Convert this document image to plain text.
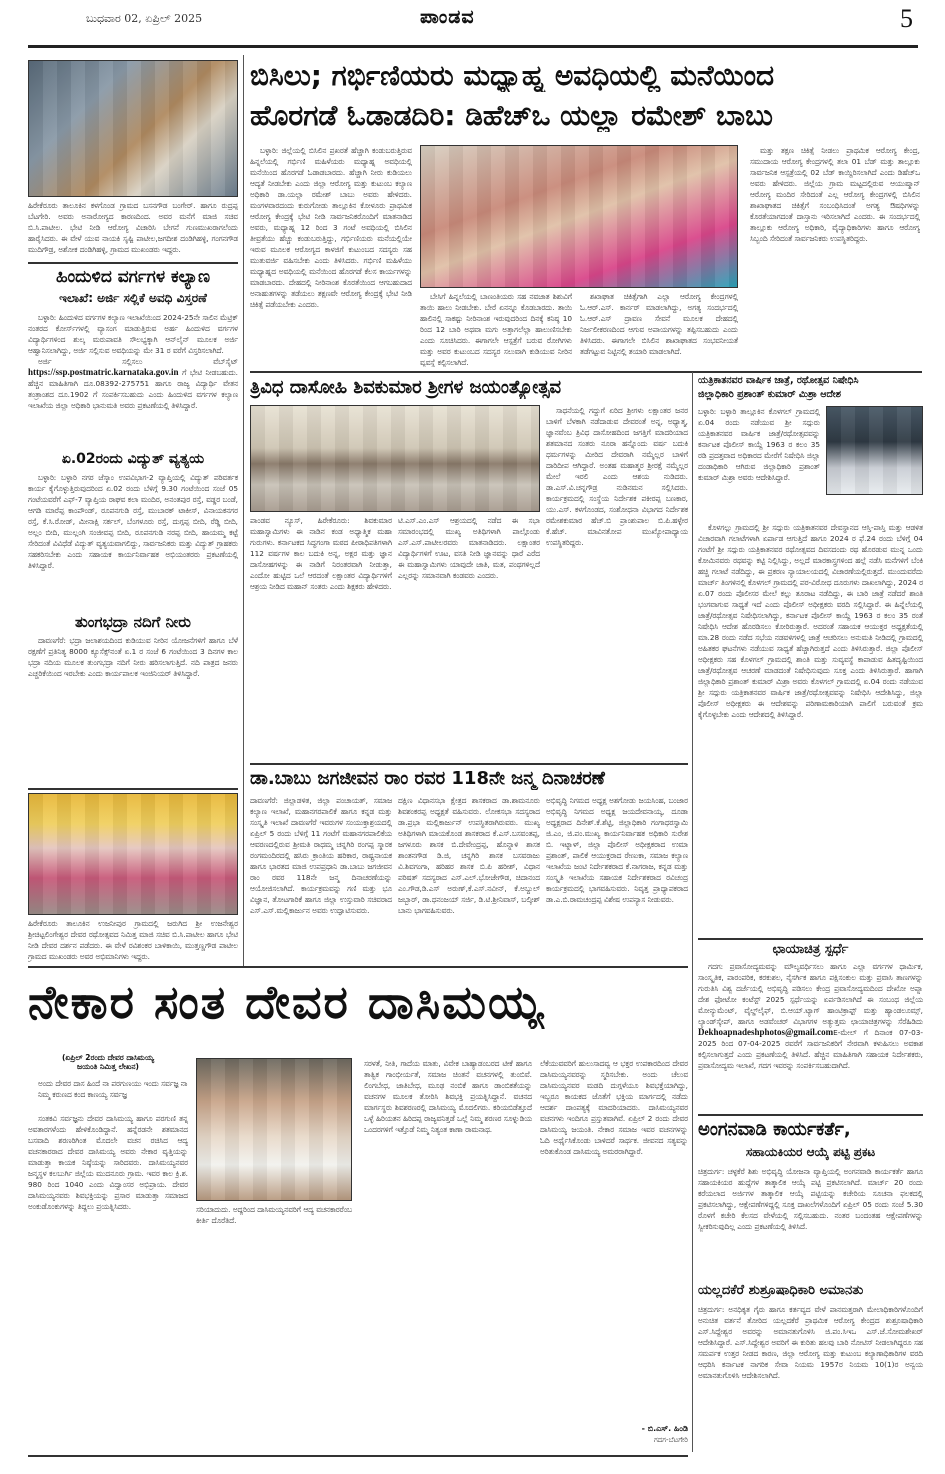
ಬುಧವಾರ 02, ಏಪ್ರಿಲ್ 2025	ಪಾಂಡವ	5
ಹಿರೇಕೆರೂರು ತಾಲೂಕಿನ ಕಳಗೊಂಡ ಗ್ರಾಮದ ಬಸನಗೌಡ ಬಂಗೇರ್. ಹಾಗೂ ರುದ್ರಪ್ಪ ಬೆಟಗೇರಿ. ಅವರು ಅನಾರೋಗ್ಯದ ಕಾರಣದಿಂದ. ಅವರ ಮನೆಗೆ ಮಾಜಿ ಸಚಿವ ಬಿ.ಸಿ.ಪಾಟೀಲ. ಭೇಟಿ ನೀಡಿ ಆರೋಗ್ಯ ವಿಚಾರಿಸಿ ಬೇಗನೆ ಗುಣಮುಖರಾಗಲೆಂದು ಹಾರೈಸಿದರು. ಈ ವೇಳೆ ಯುವ ನಾಯಕಿ ಸೃಷ್ಟಿ ಪಾಟೀಲ,ಜಗದೀಶ ದಂಡಿಗಿಹಳ್ಳಿ, ಗಂಗನಗೌಡ ಮುದಿಗೌಡ್ರ, ಅಶೋಕ ದಂಡಿಗಿಹಳ್ಳಿ, ಗ್ರಾಮದ ಮುಖಂಡರು ಇದ್ದರು.
ಹಿಂದುಳಿದ ವರ್ಗಗಳ ಕಲ್ಯಾಣ
ಇಲಾಖೆ: ಅರ್ಜಿ ಸಲ್ಲಿಕೆ ಅವಧಿ ವಿಸ್ತರಣೆ

ಬಳ್ಳಾರಿ: ಹಿಂದುಳಿದ ವರ್ಗಗಳ ಕಲ್ಯಾಣ ಇಲಾಖೆಯಿಂದ 2024-25ನೇ ಸಾಲಿನ ಮೆಟ್ರಿಕ್ ನಂತರದ ಕೋರ್ಸ್‌ಗಳಲ್ಲಿ ವ್ಯಾಸಂಗ ಮಾಡುತ್ತಿರುವ ಅರ್ಹ ಹಿಂದುಳಿದ ವರ್ಗಗಳ ವಿದ್ಯಾರ್ಥಿಗಳಿಂದ ಶುಲ್ಕ ಮರುಪಾವತಿ ಸೌಲಭ್ಯಕ್ಕಾಗಿ ಆನ್‌ಲೈನ್ ಮೂಲಕ ಅರ್ಜಿ ಆಹ್ವಾನಿಸಲಾಗಿದ್ದು, ಅರ್ಜಿ ಸಲ್ಲಿಸುವ ಅವಧಿಯನ್ನು ಮೇ 31 ರ ವರೆಗೆ ವಿಸ್ತರಿಸಲಾಗಿದೆ.

ಅರ್ಜಿ ಸಲ್ಲಿಸಲು ವೆಬ್‌ಸೈಟ್ https://ssp.postmatric.karnataka.gov.in ಗೆ ಭೇಟಿ ನೀಡಬಹುದು. ಹೆಚ್ಚಿನ ಮಾಹಿತಿಗಾಗಿ ದೂ.08392-275751 ಹಾಗೂ ರಾಜ್ಯ ವಿದ್ಯಾರ್ಥಿ ವೇತನ ತಂತ್ರಾಂಶದ ದೂ.1902 ಗೆ ಸಂಪರ್ಕಿಸಬಹುದು ಎಂದು ಹಿಂದುಳಿದ ವರ್ಗಗಳ ಕಲ್ಯಾಣ ಇಲಾಖೆಯ ಜಿಲ್ಲಾ ಅಧಿಕಾರಿ ಭಾನುಮತಿ ಅವರು ಪ್ರಕಟಣೆಯಲ್ಲಿ ತಿಳಿಸಿದ್ದಾರೆ.

ಏ.02ರಂದು ವಿದ್ಯುತ್ ವ್ಯತ್ಯಯ

ಬಳ್ಳಾರಿ: ಬಳ್ಳಾರಿ ನಗರ ಜೆಸ್ಕಾಂ ಉಪವಿಭಾಗ-2 ವ್ಯಾಪ್ತಿಯಲ್ಲಿ ವಿದ್ಯುತ್ ಪರಿವರ್ತಕ ಕಾರ್ಯ ಕೈಗೊಳ್ಳುತ್ತಿರುವುದರಿಂದ ಏ.02 ರಂದು ಬೆಳಿಗ್ಗೆ 9.30 ಗಂಟೆಯಿಂದ ಸಂಜೆ 05 ಗಂಟೆಯವರೆಗೆ ಎಫ್-7 ವ್ಯಾಪ್ತಿಯ ರಾಘವ ಕಲಾ ಮಂದಿರ, ಅನಂತಪುರ ರಸ್ತೆ, ವಡ್ಡರ ಬಂಡೆ, ಆಗಡಿ ಮಾರೆಪ್ಪ ಕಾಂಪೌಂಡ್, ರೂಪನಗುಡಿ ರಸ್ತೆ, ಮುಬಾರಕ್ ಟಾಕೀಸ್, ವಿನಾಯಕನಗರ ರಸ್ತೆ, ಕೆ.ಸಿ.ರೋಡ್, ಮೀನಾಕ್ಷಿ ಸರ್ಕಲ್, ಬೆಂಗಳೂರು ರಸ್ತೆ, ದುಗ್ಗಪ್ಪ ಬೀದಿ, ರೆಡ್ಡಿ ಬೀದಿ, ಅಲ್ಲಂ ಬೀದಿ, ಮುಲ್ಲಂಗಿ ಸಂಜೀವಪ್ಪ ಬೀದಿ, ರೂಪನಗುಡಿ ನರಪ್ಪ ಬೀದಿ, ಹಾಯಮ್ಮ ಕಟ್ಟೆ ಸೇರಿದಂತೆ ವಿವಿಧೆಡೆ ವಿದ್ಯುತ್ ವ್ಯತ್ಯಯವಾಗಲಿದ್ದು, ಸಾರ್ವಜನಿಕರು ಮತ್ತು ವಿದ್ಯುತ್ ಗ್ರಾಹಕರು ಸಹಕರಿಸಬೇಕು ಎಂದು ಸಹಾಯಕ ಕಾರ್ಯನಿರ್ವಾಹಕ ಅಭಿಯಂತರರು ಪ್ರಕಟಣೆಯಲ್ಲಿ ತಿಳಿಸಿದ್ದಾರೆ.

ತುಂಗಭದ್ರಾ ನದಿಗೆ ನೀರು

ದಾವಣಗೆರೆ: ಭದ್ರಾ ಜಲಾಶಯದಿಂದ ಕುಡಿಯುವ ನೀರಿನ ಯೋಜನೆಗಳಿಗೆ ಹಾಗೂ ಬೆಳೆ ರಕ್ಷಣೆಗೆ ಪ್ರತಿನಿತ್ಯ 8000 ಕ್ಯೂಸೆಕ್ಸ್‌ನಂತೆ ಏ.1 ರ ಸಂಜೆ 6 ಗಂಟೆಯಿಂದ 3 ದಿನಗಳ ಕಾಲ ಭದ್ರಾ ನದಿಯ ಮೂಲಕ ತುಂಗಭದ್ರಾ ನದಿಗೆ ನೀರು ಹರಿಸಲಾಗುತ್ತಿದೆ. ನದಿ ಪಾತ್ರದ ಜನರು ಎಚ್ಚರಿಕೆಯಿಂದ ಇರಬೇಕು ಎಂದು ಕಾರ್ಯಪಾಲಕ ಇಂಜಿನಿಯರ್ ತಿಳಿಸಿದ್ದಾರೆ.

ಹಿರೇಕೆರೂರು ತಾಲೂಕಿನ ಉಜನೀಪುರ ಗ್ರಾಮದಲ್ಲಿ ಜರುಗಿದ ಶ್ರೀ ಉಜನೇಶ್ವರ ಶ್ರೀಚಿಟ್ಟಲಿಂಗೇಶ್ವರ ದೇವರ ರಥೋತ್ಸವದ ನಿಮಿತ್ತ ಮಾಜಿ ಸಚಿವ ಬಿ.ಸಿ.ಪಾಟೀಲ ಹಾಗೂ ಭೇಟಿ ನೀಡಿ ದೇವರ ದರ್ಶನ ಪಡೆದರು. ಈ ವೇಳೆ ರವಿಶಂಕರ ಬಾಳಿಕಾಯಿ, ಮುತ್ತಣ್ಣಗೌಡ ಪಾಟೀಲ ಗ್ರಾಮದ ಮುಖಂಡರು ಅವರ ಅಭಿಮಾನಿಗಳು ಇದ್ದರು.
ಬಿಸಿಲು; ಗರ್ಭಿಣಿಯರು ಮಧ್ಯಾಹ್ನ ಅವಧಿಯಲ್ಲಿ ಮನೆಯಿಂದ
ಹೊರಗಡೆ ಓಡಾಡದಿರಿ: ಡಿಹೆಚ್‌ಒ ಯಲ್ಲಾ ರಮೇಶ್ ಬಾಬು

ಬಳ್ಳಾರಿ: ಜಿಲ್ಲೆಯಲ್ಲಿ ಬಿಸಿಲಿನ ಪ್ರಖರತೆ ಹೆಚ್ಚಾಗಿ ಕಂಡುಬರುತ್ತಿರುವ ಹಿನ್ನಲೆಯಲ್ಲಿ ಗರ್ಭಿಣಿ ಮಹಿಳೆಯರು ಮಧ್ಯಾಹ್ನ ಅವಧಿಯಲ್ಲಿ ಮನೆಯಿಂದ ಹೊರಗಡೆ ಓಡಾಡಬಾರದು. ಹೆಚ್ಚಾಗಿ ನೀರು ಕುಡಿಯಲು ಆದ್ಯತೆ ನೀಡಬೇಕು ಎಂದು ಜಿಲ್ಲಾ ಆರೋಗ್ಯ ಮತ್ತು ಕುಟುಂಬ ಕಲ್ಯಾಣ ಅಧಿಕಾರಿ ಡಾ.ಯಲ್ಲಾ ರಮೇಶ್ ಬಾಬು ಅವರು ಹೇಳಿದರು. ಮಂಗಳವಾರದಂದು ಕುರುಗೋಡು ತಾಲ್ಲೂಕಿನ ಕೋಳೂರು ಪ್ರಾಥಮಿಕ ಆರೋಗ್ಯ ಕೇಂದ್ರಕ್ಕೆ ಭೇಟಿ ನೀಡಿ ಸಾರ್ವಜನಿಕರೊಂದಿಗೆ ಮಾತನಾಡಿದ ಅವರು, ಮಧ್ಯಾಹ್ನ 12 ರಿಂದ 3 ಗಂಟೆ ಅವಧಿಯಲ್ಲಿ ಬಿಸಿಲಿನ ತೀವ್ರತೆಯು ಹೆಚ್ಚು ಕಂಡುಬರುತ್ತಿದ್ದು, ಗರ್ಭಿಣಿಯರು ಮನೆಯಲ್ಲಿಯೇ ಇರುವ ಮೂಲಕ ಆರೋಗ್ಯದ ಕಾಳಜಿಗೆ ಕುಟುಂಬದ ಸದಸ್ಯರು ಸಹ ಮುತುವರ್ಜಿ ವಹಿಸಬೇಕು ಎಂದು ತಿಳಿಸಿದರು. ಗರ್ಭಿಣಿ ಮಹಿಳೆಯು ಮಧ್ಯಾಹ್ನದ ಅವಧಿಯಲ್ಲಿ ಮನೆಯಿಂದ ಹೊರಗಡೆ ಕೆಲಸ ಕಾರ್ಯಗಳನ್ನು ಮಾಡಬಾರದು. ದೇಹದಲ್ಲಿ ನೀರಿನಾಂಶ ಕೊರತೆಯಿಂದ ಆಗಬಹುದಾದ ಅನಾಹುತಗಳನ್ನು ತಡೆಯಲು ತಕ್ಷಣವೇ ಆರೋಗ್ಯ ಕೇಂದ್ರಕ್ಕೆ ಭೇಟಿ ನೀಡಿ ಚಿಕಿತ್ಸೆ ಪಡೆಯಬೇಕು ಎಂದರು.

ಬೇಸಿಗೆ ಹಿನ್ನಲೆಯಲ್ಲಿ ಬಾಣಂತಿಯರು ಸಹ ನವಜಾತ ಶಿಶುವಿಗೆ ತಾಯಿ ಹಾಲು ನೀಡಬೇಕು. ಬೇರೆ ಏನನ್ನೂ ಕೊಡಬಾರದು. ತಾಯಿ ಹಾಲಿನಲ್ಲಿ ಸಾಕಷ್ಟು ನೀರಿನಾಂಶ ಇರುವುದರಿಂದ ದಿನಕ್ಕೆ ಕನಿಷ್ಠ 10 ರಿಂದ 12 ಬಾರಿ ಅಥವಾ ಮಗು ಅತ್ತಾಗಲೆಲ್ಲಾ ಹಾಲುಣಿಸಬೇಕು ಎಂದು ಸೂಚಿಸಿದರು. ಈಗಾಗಲೇ ಆಸ್ಪತ್ರೆಗೆ ಬರುವ ರೋಗಿಗಳು ಮತ್ತು ಅವರ ಕುಟುಂಬದ ಸದಸ್ಯರ ಸಲುವಾಗಿ ಕುಡಿಯುವ ನೀರಿನ ವ್ಯವಸ್ಥೆ ಕಲ್ಪಿಸಲಾಗಿದೆ.

ಶಖಾಘಾತ ಚಿಕಿತ್ಸೆಗಾಗಿ ಎಲ್ಲಾ ಆರೋಗ್ಯ ಕೇಂದ್ರಗಳಲ್ಲಿ ಓ.ಆರ್.ಎಸ್. ಕಾರ್ನರ್ ಮಾಡಲಾಗಿದ್ದು, ಅಗತ್ಯ ಸಂದರ್ಭದಲ್ಲಿ ಓ.ಆರ್.ಎಸ್ ದ್ರಾವಣ ಸೇವನೆ ಮೂಲಕ ದೇಹದಲ್ಲಿ ನಿರ್ಜಲೀಕರಣದಿಂದ ಆಗುವ ಅಪಾಯಗಳನ್ನು ತಪ್ಪಿಸಬಹುದು ಎಂದು ತಿಳಿಸಿದರು. ಈಗಾಗಲೇ ಬಿಸಿಲಿನ ಶಾಖಾಘಾತದ ಸಂಭವನೀಯತೆ ತಡೆಗಟ್ಟುವ ನಿಟ್ಟಿನಲ್ಲಿ ತಯಾರಿ ಮಾಡಲಾಗಿದೆ.

ಮತ್ತು ತಕ್ಷಣ ಚಿಕಿತ್ಸೆ ನೀಡಲು ಪ್ರಾಥಮಿಕ ಆರೋಗ್ಯ ಕೇಂದ್ರ, ಸಮುದಾಯ ಆರೋಗ್ಯ ಕೇಂದ್ರಗಳಲ್ಲಿ ತಲಾ 01 ಬೆಡ್ ಮತ್ತು ತಾಲ್ಲೂಕು ಸಾರ್ವಜನಿಕ ಆಸ್ಪತ್ರೆಯಲ್ಲಿ 02 ಬೆಡ್ ಕಾಯ್ದಿರಿಸಲಾಗಿದೆ ಎಂದು ಡಿಹೆಚ್‌ಒ ಅವರು ಹೇಳಿದರು. ಜಿಲ್ಲೆಯ ಗ್ರಾಮ ಮಟ್ಟದಲ್ಲಿರುವ ಆಯುಷ್ಮಾನ್ ಆರೋಗ್ಯ ಮಂದಿರ ಸೇರಿದಂತೆ ಎಲ್ಲ ಆರೋಗ್ಯ ಕೇಂದ್ರಗಳಲ್ಲಿ ಬಿಸಿಲಿನ ಶಾಖಾಘಾತದ ಚಿಕಿತ್ಸೆಗೆ ಸಂಬಂಧಿಸಿದಂತೆ ಅಗತ್ಯ ಔಷಧಿಗಳನ್ನು ಕೊರತೆಯಾಗದಂತೆ ದಾಸ್ತಾನು ಇರಿಸಲಾಗಿದೆ ಎಂದರು. ಈ ಸಂದರ್ಭದಲ್ಲಿ ತಾಲ್ಲೂಕು ಆರೋಗ್ಯ ಅಧಿಕಾರಿ, ವೈದ್ಯಾಧಿಕಾರಿಗಳು ಹಾಗೂ ಆರೋಗ್ಯ ಸಿಬ್ಬಂದಿ ಸೇರಿದಂತೆ ಸಾರ್ವಜನಿಕರು ಉಪಸ್ಥಿತರಿದ್ದರು.

ತ್ರಿವಿಧ ದಾಸೋಹಿ ಶಿವಕುಮಾರ ಶ್ರೀಗಳ ಜಯಂತ್ಯೋತ್ಸವ

ಪಾಂಡವ ನ್ಯೂಸ್, ಹಿರೇಕೆರೂರು: ಶಿವಕುಮಾರ ಮಹಾಸ್ವಾಮಿಗಳು ಈ ನಾಡಿನ ಕಂಡ ಅಧ್ಯಾತ್ಮಿಕ ಮಹಾ ಗುರುಗಳು. ಕರ್ನಾಟಕದ ಸಿದ್ಧಗಂಗಾ ಮಠದ ಪೀಠಾಧಿಪತಿಗಳಾಗಿ 112 ವರ್ಷಗಳ ಕಾಲ ಬದುಕಿ ಅನ್ನ, ಅಕ್ಷರ ಮತ್ತು ಜ್ಞಾನ ದಾಸೋಹಗಳನ್ನು ಈ ನಾಡಿಗೆ ನಿರಂತರವಾಗಿ ನೀಡುತ್ತಾ, ಎಂದೋ ಹುಟ್ಟಿದ ಒಲೆ ಆರದಂತೆ ಲಕ್ಷಾಂತರ ವಿದ್ಯಾರ್ಥಿಗಳಿಗೆ ಆಶ್ರಯ ನೀಡಿದ ಮಹಾನ್ ಸಂತರು ಎಂದು ಶಿಕ್ಷಕರು ಹೇಳಿದರು.

ಟಿ.ಎಸ್.ಎಂ.ಎಸ್ ಆಶ್ರಯದಲ್ಲಿ ನಡೆದ ಈ ಸಭಾ ಸಮಾರಂಭದಲ್ಲಿ ಮುಖ್ಯ ಅತಿಥಿಗಳಾಗಿ ಪಾಲ್ಗೊಂಡು ಎಸ್.ಎಸ್.ಪಾಟೀಲರವರು ಮಾತನಾಡಿದರು. ಲಕ್ಷಾಂತರ ವಿದ್ಯಾರ್ಥಿಗಳಿಗೆ ಊಟ, ವಸತಿ ನೀಡಿ ಜ್ಞಾನವನ್ನು ಧಾರೆ ಎರೆದ ಈ ಮಹಾಸ್ವಾಮಿಗಳು ಯಾವುದೇ ಜಾತಿ, ಮತ, ಪಂಥಗಳಿಲ್ಲದೆ ಎಲ್ಲರನ್ನು ಸಮಾನವಾಗಿ ಕಂಡವರು ಎಂದರು.

ಸಾಧನೆಯಲ್ಲಿ ಗದ್ದುಗೆ ಏರಿದ ಶ್ರೀಗಳು ಲಕ್ಷಾಂತರ ಜನರ ಬಾಳಿಗೆ ಬೆಳಕಾಗಿ ನಡೆದಾಡುವ ದೇವರಂತೆ ಅನ್ನ, ಅಧ್ಯಾತ್ಮ, ಜ್ಞಾನವೆಂಬ ತ್ರಿವಿಧ ದಾಸೋಹದಿಂದ ಜಗತ್ತಿಗೆ ಮಾದರಿಯಾದ ಶತಮಾನದ ಸಂತರು ನೂರಾ ಹನ್ನೊಂದು ವರ್ಷ ಬದುಕಿ ಧರ್ಮಗಳನ್ನು ಮೀರಿದ ದೇವರಾಗಿ ನಮ್ಮೆಲ್ಲರ ಬಾಳಿಗೆ ದಾರಿದೀಪ ಆಗಿದ್ದಾರೆ. ಅಂತಹ ಮಹಾತ್ಮರ ಶ್ರೀರಕ್ಷೆ ನಮ್ಮೆಲ್ಲರ ಮೇಲೆ ಇರಲಿ ಎಂದು ಆಶಯ ನುಡಿದರು. ಡಾ.ಎಸ್.ವಿ.ಚನ್ನಗೌಡ್ರ ನುಡಿನಮನ ಸಲ್ಲಿಸಿದರು. ಕಾರ್ಯಕ್ರಮದಲ್ಲಿ ಸಂಸ್ಥೆಯ ನಿರ್ದೇಶಕ ಪಕೀರಪ್ಪ ಬಣಕಾರ, ಯು.ಎಸ್. ಕಳಗೊಂಡದ, ಸಂಶೋಧನಾ ವಿಭಾಗದ ನಿರ್ದೇಶಕ ರಮೇಶಕುಮಾರ ಹೆಚ್.ಬಿ ಪ್ರಾಂಶುಪಾಲ ಬಿ.ಪಿ.ಹಳ್ಳೇರ ಕೆ.ಹೆಚ್. ಮಾವಿನತೋಪ ಮುಖ್ಯೋಪಾಧ್ಯಾಯ ಉಪಸ್ಥಿತರಿದ್ದರು.

ಡಾ.ಬಾಬು ಜಗಜೀವನ ರಾಂ ರವರ 118ನೇ ಜನ್ಮ ದಿನಾಚರಣೆ

ದಾವಣಗೆರೆ: ಜಿಲ್ಲಾಡಳಿತ, ಜಿಲ್ಲಾ ಪಂಚಾಯತ್, ಸಮಾಜ ಕಲ್ಯಾಣ ಇಲಾಖೆ, ಮಹಾನಗರಪಾಲಿಕೆ ಹಾಗೂ ಕನ್ನಡ ಮತ್ತು ಸಂಸ್ಕೃತಿ ಇಲಾಖೆ ದಾವಣಗೆರೆ ಇವರುಗಳ ಸಂಯುಕ್ತಾಶ್ರಯದಲ್ಲಿ ಏಪ್ರಿಲ್ 5 ರಂದು ಬೆಳಿಗ್ಗೆ 11 ಗಂಟೆಗೆ ಮಹಾನಗರಪಾಲಿಕೆಯ ಆವರಣದಲ್ಲಿರುವ ಶ್ರೀಮತಿ ರಾಧಮ್ಮ ಚನ್ನಗಿರಿ ರಂಗಪ್ಪ ಸ್ಮಾರಕ ರಂಗಮಂದಿರದಲ್ಲಿ ಹಸಿರು ಕ್ರಾಂತಿಯ ಹರಿಕಾರ, ರಾಷ್ಟ್ರನಾಯಕ ಹಾಗೂ ಭಾರತದ ಮಾಜಿ ಉಪಪ್ರಧಾನಿ ಡಾ.ಬಾಬು ಜಗಜೀವನ ರಾಂ ರವರ 118ನೇ ಜನ್ಮ ದಿನಾಚರಣೆಯನ್ನು ಆಯೋಜಿಸಲಾಗಿದೆ. ಕಾರ್ಯಕ್ರಮವನ್ನು ಗಣಿ ಮತ್ತು ಭೂ ವಿಜ್ಞಾನ, ತೋಟಗಾರಿಕೆ ಹಾಗೂ ಜಿಲ್ಲಾ ಉಸ್ತುವಾರಿ ಸಚಿವರಾದ ಎಸ್.ಎಸ್.ಮಲ್ಲಿಕಾರ್ಜುನ ಅವರು ಉದ್ಘಾಟಿಸುವರು.

ದಕ್ಷಿಣ ವಿಧಾನಸಭಾ ಕ್ಷೇತ್ರದ ಶಾಸಕರಾದ ಡಾ.ಶಾಮನೂರು ಶಿವಶಂಕರಪ್ಪ ಅಧ್ಯಕ್ಷತೆ ವಹಿಸುವರು. ಲೋಕಸಭಾ ಸದಸ್ಯರಾದ ಡಾ.ಪ್ರಭಾ ಮಲ್ಲಿಕಾರ್ಜುನ್ ಉಪಸ್ಥಿತರಾಗಿರುವರು. ಮುಖ್ಯ ಅತಿಥಿಗಳಾಗಿ ಮಾಯಕೊಂಡ ಶಾಸಕರಾದ ಕೆ.ಎಸ್.ಬಸವಂತಪ್ಪ, ಜಗಳೂರು ಶಾಸಕ ಬಿ.ದೇವೇಂದ್ರಪ್ಪ, ಹೊನ್ನಾಳಿ ಶಾಸಕ ಶಾಂತನಗೌಡ ಡಿ.ಜಿ, ಚನ್ನಗಿರಿ ಶಾಸಕ ಬಸವರಾಜು ವಿ.ಶಿವಗಂಗಾ, ಹರಿಹರ ಶಾಸಕ ಬಿ.ಪಿ ಹರೀಶ್, ವಿಧಾನ ಪರಿಷತ್ ಸದಸ್ಯರಾದ ಎಸ್.ಎಲ್.ಭೋಜೇಗೌಡ, ಚಿದಾನಂದ ಎಂ.ಗೌಡ,ಡಿ.ಎಸ್ ಅರುಣ್,ಕೆ.ಎಸ್.ನವೀನ್, ಕೆ.ಅಬ್ದುಲ್ ಜಬ್ಬಾರ್, ಡಾ.ಧನಂಜಯ್ ಸರ್ಜಿ, ಡಿ.ಟಿ.ಶ್ರೀನಿವಾಸ್, ಬಲ್ಕೀಶ್ ಬಾನು ಭಾಗವಹಿಸುವರು.

ಅಭಿವೃದ್ಧಿ ನಿಗಮದ ಅಧ್ಯಕ್ಷ ಅಶಗೋಡು ಜಯಸಿಂಹ, ಬಂಜಾರ ಅಭಿವೃದ್ಧಿ ನಿಗಮದ ಅಧ್ಯಕ್ಷ ಜಯದೇವನಾಯ್ಕ, ದೂಡಾ ಅಧ್ಯಕ್ಷರಾದ ದಿನೇಶ್.ಕೆ.ಶೆಟ್ಟಿ, ಜಿಲ್ಲಾಧಿಕಾರಿ ಗಂಗಾಧರಸ್ವಾಮಿ ಜಿ.ಎಂ, ಜಿ.ಪಂ.ಮುಖ್ಯ ಕಾರ್ಯನಿರ್ವಾಹಕ ಅಧಿಕಾರಿ ಸುರೇಶ ಬಿ. ಇಟ್ನಾಳ್, ಜಿಲ್ಲಾ ಪೊಲೀಸ್ ಅಧೀಕ್ಷಕರಾದ ಉಮಾ ಪ್ರಶಾಂತ್, ಪಾಲಿಕೆ ಆಯುಕ್ತರಾದ ರೇಣುಕಾ, ಸಮಾಜ ಕಲ್ಯಾಣ ಇಲಾಖೆಯ ಜಂಟಿ ನಿರ್ದೇಶಕರಾದ ಕೆ.ನಾಗರಾಜ, ಕನ್ನಡ ಮತ್ತು ಸಂಸ್ಕೃತಿ ಇಲಾಖೆಯ ಸಹಾಯಕ ನಿರ್ದೇಶಕರಾದ ರವಿಚಂದ್ರ ಕಾರ್ಯಕ್ರಮದಲ್ಲಿ ಭಾಗವಹಿಸುವರು. ನಿವೃತ್ತ ಪ್ರಾಧ್ಯಾಪಕರಾದ ಡಾ.ಎ.ಬಿ.ರಾಮಚಂದ್ರಪ್ಪ ವಿಶೇಷ ಉಪನ್ಯಾಸ ನೀಡುವರು.

ಯತ್ರಿಕಾತನವರ ವಾರ್ಷಿಕ ಜಾತ್ರೆ, ರಥೋತ್ಸವ ನಿಷೇಧಿಸಿ
ಜಿಲ್ಲಾಧಿಕಾರಿ ಪ್ರಶಾಂತ್ ಕುಮಾರ್ ಮಿಶ್ರಾ ಆದೇಶ

ಬಳ್ಳಾರಿ: ಬಳ್ಳಾರಿ ತಾಲ್ಲೂಕಿನ ಕೊಳಗಲ್ ಗ್ರಾಮದಲ್ಲಿ ಏ.04 ರಂದು ನಡೆಯುವ ಶ್ರೀ ಸದ್ಗುರು ಯತ್ರಿಕಾತನವರ ವಾರ್ಷಿಕ ಜಾತ್ರೆ/ರಥೋತ್ಸವವನ್ನು ಕರ್ನಾಟಕ ಪೊಲೀಸ್ ಕಾಯ್ದೆ 1963 ರ ಕಲಂ 35 ರಡಿ ಪ್ರದತ್ತವಾದ ಅಧಿಕಾರದ ಮೇರೆಗೆ ನಿಷೇಧಿಸಿ ಜಿಲ್ಲಾ ದಂಡಾಧಿಕಾರಿ ಆಗಿರುವ ಜಿಲ್ಲಾಧಿಕಾರಿ ಪ್ರಶಾಂತ್ ಕುಮಾರ್ ಮಿಶ್ರಾ ಅವರು ಆದೇಶಿಸಿದ್ದಾರೆ.

ಕೊಳಗಲ್ಲು ಗ್ರಾಮದಲ್ಲಿ ಶ್ರೀ ಸದ್ಗುರು ಯತ್ರಿಕಾತನವರ ದೇವಸ್ಥಾನದ ಆಸ್ತಿ-ಪಾಸ್ತಿ ಮತ್ತು ಆಡಳಿತ ವಿಚಾರವಾಗಿ ಗಲಾಟೆಗಳಾಗಿ ಏರ್ಪಾಡ ಆಗುತ್ತಿದೆ ಹಾಗೂ 2024 ರ ಫೆ.24 ರಂದು ಬೆಳಿಗ್ಗೆ 04 ಗಂಟೆಗೆ ಶ್ರೀ ಸದ್ಗುರು ಯತ್ರಿಕಾತನವರ ರಥೋತ್ಸವದ ದಿವಸದಂದು ರಥ ಹೊರಡುವ ಮುನ್ನ ಒಂದು ಕೋಮಿನವರು ರಥವನ್ನು ಕಟ್ಟಿ ನಿಲ್ಲಿಸಿದ್ದು, ಅಲ್ಲದೆ ಮಾರಕಾಸ್ತ್ರಗಳಿಂದ ಹಲ್ಲೆ ನಡೆಸಿ ಮನೆಗಳಿಗೆ ಬೆಂಕಿ ಹಚ್ಚಿ ಗಲಾಟೆ ನಡೆದಿದ್ದು, ಈ ಪ್ರಕರಣ ನ್ಯಾಯಾಲಯದಲ್ಲಿ ವಿಚಾರಣೆಯಲ್ಲಿರುತ್ತದೆ. ಮುಂದುವರೆದು ಮಾರ್ಚ್ ತಿಂಗಳಿನಲ್ಲಿ ಕೊಳಗಲ್ ಗ್ರಾಮದಲ್ಲಿ ಪರ-ವಿರೋಧ ದೂರುಗಳು ದಾಖಲಾಗಿದ್ದು, 2024 ರ ಏ.07 ರಂದು ಪೊಲೀಸರ ಮೇಲೆ ಕಲ್ಲು ತೂರಾಟ ನಡೆದಿದ್ದು, ಈ ಬಾರಿ ಜಾತ್ರೆ ನಡೆದರೆ ಶಾಂತಿ ಭಂಗವಾಗುವ ಸಾಧ್ಯತೆ ಇದೆ ಎಂದು ಪೊಲೀಸ್ ಅಧೀಕ್ಷಕರು ವರದಿ ಸಲ್ಲಿಸಿದ್ದಾರೆ. ಈ ಹಿನ್ನೆಲೆಯಲ್ಲಿ ಜಾತ್ರೆ/ರಥೋತ್ಸವ ನಿಷೇಧಿಸಲಾಗಿದ್ದು, ಕರ್ನಾಟಕ ಪೊಲೀಸ್ ಕಾಯ್ದೆ 1963 ರ ಕಲಂ 35 ರಂತೆ ನಿಷೇಧಿಸಿ ಆದೇಶ ಹೊರಡಿಸಲು ಕೋರಿರುತ್ತಾರೆ. ಅದರಂತೆ ಸಹಾಯಕ ಆಯುಕ್ತರ ಅಧ್ಯಕ್ಷತೆಯಲ್ಲಿ ಮಾ.28 ರಂದು ನಡೆದ ಸಭೆಯ ನಡವಳಿಗಳಲ್ಲಿ ಜಾತ್ರೆ ಆಚರಿಸಲು ಅನುಮತಿ ನೀಡಿದಲ್ಲಿ ಗ್ರಾಮದಲ್ಲಿ ಅಹಿತಕರ ಘಟನೆಗಳು ನಡೆಯುವ ಸಾಧ್ಯತೆ ಹೆಚ್ಚಾಗಿರುತ್ತದೆ ಎಂದು ತಿಳಿಸಿರುತ್ತಾರೆ. ಜಿಲ್ಲಾ ಪೊಲೀಸ್ ಅಧೀಕ್ಷಕರು ಸಹ ಕೊಳಗಲ್ ಗ್ರಾಮದಲ್ಲಿ ಶಾಂತಿ ಮತ್ತು ಸುವ್ಯವಸ್ಥೆ ಕಾಪಾಡುವ ಹಿತದೃಷ್ಟಿಯಿಂದ ಜಾತ್ರೆ/ರಥೋತ್ಸವ ಆಚರಣೆ ಮಾಡದಂತೆ ನಿಷೇಧಿಸುವುದು ಸೂಕ್ತ ಎಂದು ತಿಳಿಸಿರುತ್ತಾರೆ. ಹಾಗಾಗಿ ಜಿಲ್ಲಾಧಿಕಾರಿ ಪ್ರಶಾಂತ್ ಕುಮಾರ್ ಮಿಶ್ರಾ ಅವರು ಕೊಳಗಲ್ ಗ್ರಾಮದಲ್ಲಿ ಏ.04 ರಂದು ನಡೆಯುವ ಶ್ರೀ ಸದ್ಗುರು ಯತ್ರಿಕಾತನವರ ವಾರ್ಷಿಕ ಜಾತ್ರೆ/ರಥೋತ್ಸವವನ್ನು ನಿಷೇಧಿಸಿ ಆದೇಶಿಸಿದ್ದು, ಜಿಲ್ಲಾ ಪೊಲೀಸ್ ಅಧೀಕ್ಷಕರು ಈ ಆದೇಶವನ್ನು ಪರಿಣಾಮಕಾರಿಯಾಗಿ ಪಾಲಿಗೆ ಬರುವಂತೆ ಕ್ರಮ ಕೈಗೊಳ್ಳಬೇಕು ಎಂದು ಆದೇಶದಲ್ಲಿ ತಿಳಿಸಿದ್ದಾರೆ.

ಛಾಯಾಚಿತ್ರ ಸ್ಪರ್ಧೆ

ಗದಗ: ಪ್ರವಾಸೋದ್ಯಮವನ್ನು ಮೌಲ್ಯವರ್ಧಿಸಲು ಹಾಗೂ ಎಲ್ಲಾ ವರ್ಗಗಳ ಧಾರ್ಮಿಕ, ಸಾಂಸ್ಕೃತಿಕ, ಪಾರಂಪರಿಕ, ಕರಕುಶಲ, ನೈಸರ್ಗಿಕ ಹಾಗೂ ಪಕ್ಷಿಸಂಕುಲ ಮತ್ತು ಪ್ರವಾಸಿ ತಾಣಗಳನ್ನು ಗುರುತಿಸಿ ವಿಶ್ವ ದರ್ಜೆಯಲ್ಲಿ ಅಭಿವೃದ್ಧಿ ಪಡಿಸಲು ಕೇಂದ್ರ ಪ್ರವಾಸೋದ್ಯಮದಿಂದ ದೇಖೋ ಅಪ್ನಾ ದೇಶ ಫೋಟೋ ಕಂಟೆಸ್ಟ್ 2025 ಸ್ಪರ್ಧೆಯನ್ನು ಏರ್ಪಡಿಸಲಾಗಿದೆ ಈ ಸಂಬಂಧ ಜಿಲ್ಲೆಯ ಮೋನ್ಯುಮೆಂಟ್, ವೈಲ್ಡ್‌ಲೈಫ್, ಬಿ.ಆಯ್.ಟ್ಯಾಗ್ ಹಾಂಟಿಕ್ರಾಫ್ಟ್ ಮತ್ತು ಹ್ಯಾಂಡಲೂಮ್ಸ್, ಲ್ಯಾಂಡ್‌ಸ್ಕೇಪ್, ಹಾಗೂ ಅಡವೆಂಚರ್ ವಿಭಾಗಗಳ ಅತ್ಯುತ್ತಮ ಛಾಯಾಚಿತ್ರಗಳನ್ನು ಸೆರೆಹಿಡಿದು Dekhoapnadeshphotos@gmail.comE-ಮೇಲ್ ಗೆ ದಿನಾಂಕ 07-03-2025 ರಿಂದ 07-04-2025 ರವರೆಗೆ ಸಾರ್ವಜನಿಕರಿಗೆ ನೇರವಾಗಿ ಕಳುಹಿಸಲು ಅವಕಾಶ ಕಲ್ಪಿಸಲಾಗುತ್ತದೆ ಎಂದು ಪ್ರಕಟಣೆಯಲ್ಲಿ ತಿಳಿಸಿದೆ. ಹೆಚ್ಚಿನ ಮಾಹಿತಿಗಾಗಿ ಸಹಾಯಕ ನಿರ್ದೇಶಕರು, ಪ್ರವಾಸೋದ್ಯಮ ಇಲಾಖೆ, ಗದಗ ಇವರನ್ನು ಸಂಪರ್ಕಿಸಬಹುದಾಗಿದೆ.

ಅಂಗನವಾಡಿ ಕಾರ್ಯಕರ್ತೆ,
ಸಹಾಯಕಿಯರ ಆಯ್ಕೆ ಪಟ್ಟಿ ಪ್ರಕಟ

ಚಿತ್ರದುರ್ಗ: ಚಳ್ಳಕೆರೆ ಶಿಶು ಅಭಿವೃದ್ಧಿ ಯೋಜನಾ ವ್ಯಾಪ್ತಿಯಲ್ಲಿ ಅಂಗನವಾಡಿ ಕಾರ್ಯಕರ್ತೆ ಹಾಗೂ ಸಹಾಯಕಿಯರ ಹುದ್ದೆಗಳ ತಾತ್ಕಾಲಿಕ ಆಯ್ಕೆ ಪಟ್ಟಿ ಪ್ರಕಟಿಸಲಾಗಿದೆ. ಮಾರ್ಚ್ 20 ರಂದು ಕರೆಯಲಾದ ಅರ್ಜಿಗಳ ತಾತ್ಕಾಲಿಕ ಆಯ್ಕೆ ಪಟ್ಟಿಯನ್ನು ಕಚೇರಿಯ ಸೂಚನಾ ಫಲಕದಲ್ಲಿ ಪ್ರಕಟಿಸಲಾಗಿದ್ದು, ಆಕ್ಷೇಪಣೆಗಳಿದ್ದಲ್ಲಿ ಸೂಕ್ತ ದಾಖಲೆಗಳೊಂದಿಗೆ ಏಪ್ರಿಲ್ 05 ರಂದು ಸಂಜೆ 5.30 ರೊಳಗೆ ಕಚೇರಿ ಕೆಲಸದ ವೇಳೆಯಲ್ಲಿ ಸಲ್ಲಿಸಬಹುದು. ನಂತರ ಬಂದಂತಹ ಆಕ್ಷೇಪಣೆಗಳನ್ನು ಸ್ವೀಕರಿಸುವುದಿಲ್ಲ ಎಂದು ಪ್ರಕಟಣೆಯಲ್ಲಿ ತಿಳಿಸಿದೆ.

ಯಲ್ಲದಕೆರೆ ಶುಶ್ರೂಷಾಧಿಕಾರಿ ಅಮಾನತು

ಚಿತ್ರದುರ್ಗ: ಅನಧಿಕೃತ ಗೈರು ಹಾಗೂ ಕರ್ತವ್ಯದ ವೇಳೆ ಪಾನಮತ್ತರಾಗಿ ಮೇಲಾಧಿಕಾರಿಗಳೊಂದಿಗೆ ಅನುಚಿತ ವರ್ತನೆ ತೋರಿದ ಯಲ್ಲದಕೆರೆ ಪ್ರಾಥಮಿಕ ಆರೋಗ್ಯ ಕೇಂದ್ರದ ಶುಶ್ರೂಷಾಧಿಕಾರಿ ಎಸ್.ಸಿದ್ದೇಶ್ವರ ಅವರನ್ನು ಅಮಾನತುಗೊಳಿಸಿ ಜಿ.ಪಂ.ಸಿಇಒ ಎಸ್.ಜೆ.ಸೋಮಶೇಖರ್ ಆದೇಶಿಸಿದ್ದಾರೆ. ಎಸ್.ಸಿದ್ದೇಶ್ವರ ಅವರಿಗೆ ಈ ಕುರಿತು ಹಲವು ಬಾರಿ ನೋಟಿಸ್ ನೀಡಲಾಗಿದ್ದರೂ ಸಹ ಸಮರ್ಪಕ ಉತ್ತರ ನೀಡದ ಕಾರಣ, ಜಿಲ್ಲಾ ಆರೋಗ್ಯ ಮತ್ತು ಕುಟುಂಬ ಕಲ್ಯಾಣಾಧಿಕಾರಿಗಳ ವರದಿ ಆಧರಿಸಿ ಕರ್ನಾಟಕ ನಾಗರಿಕ ಸೇವಾ ನಿಯಮ 1957ರ ನಿಯಮ 10(1)ರ ಅನ್ವಯ ಅಮಾನತುಗೊಳಿಸಿ ಆದೇಶಿಸಲಾಗಿದೆ.

ನೇಕಾರ ಸಂತ ದೇವರ ದಾಸಿಮಯ್ಯ
(ಏಪ್ರಿಲ್ 2ರಂದು ದೇವರ ದಾಸಿಮಯ್ಯ
ಜಯಂತಿ ನಿಮಿತ್ತ ಲೇಖನ)
ಅಂದು ದೇವರ ದಾಸ ಹಿಂದೆ ನಾ ಪರಗುಣಯು ಇಂದು ಸರ್ವಜ್ಞ ನಾ ನಿಮ್ಮ ಕರುಣದ ಕಂದ ಕಾಣಯ್ಯ ಸರ್ವಜ್ಞ

ಸಂತಕವಿ ಸರ್ವಜ್ಞನು ದೇವರ ದಾಸಿಮಯ್ಯ ಹಾಗೂ ಪರಗುಣಿ ತನ್ನ ಅವತಾರಗಳೆಂದು ಹೇಳಿಕೊಂಡಿದ್ದಾನೆ. ಹನ್ನೆರಡನೇ ಶತಮಾನದ ಬಸವಾದಿ ಶರಣರಿಗಿಂತ ಮೊದಲೇ ವಚನ ರಚಿಸಿದ ಆದ್ಯ ವಚನಕಾರರಾದ ದೇವರ ದಾಸಿಮಯ್ಯ ಅವರು ನೇಕಾರ ವೃತ್ತಿಯನ್ನು ಮಾಡುತ್ತಾ ಕಾಯಕ ನಿಷ್ಠೆಯನ್ನು ಸಾರಿದವರು. ದಾಸಿಮಯ್ಯನವರ ಜನ್ಮಸ್ಥಳ ಕಲಬುರ್ಗಿ ಜಿಲ್ಲೆಯ ಮುದನೂರು ಗ್ರಾಮ. ಇವರ ಕಾಲ ಕ್ರಿ.ಶ. 980 ರಿಂದ 1040 ಎಂದು ವಿದ್ವಾಂಸರ ಅಭಿಪ್ರಾಯ. ದೇವರ ದಾಸಿಮಯ್ಯನವರು ಶಿವಭಕ್ತಿಯನ್ನು ಪ್ರಸಾರ ಮಾಡುತ್ತಾ ಸಮಾಜದ ಅಂಕುಡೊಂಕುಗಳನ್ನು ತಿದ್ದಲು ಪ್ರಯತ್ನಿಸಿದರು.	ಸರಿಯಾದುದು. ಅದ್ದರಿಂದ ದಾಸಿಮಯ್ಯನವರಿಗೆ ಆದ್ಯ ವಚನಕಾರರೆಂಬ ಕೀರ್ತಿ ದೊರೆತಿದೆ.

ಸರಳತೆ, ನೀತಿ, ಗಾದೆಯ ಮಾತು, ವಿವೇಕ ಬಾಹ್ಯಾಡಂಬರದ ಟೀಕೆ ಹಾಗೂ ತಾತ್ವಿಕ ಗಾಂಭೀರ್ಯತೆ, ಸಮಾಜ ಚಿಂತನೆ ವಚನಗಳಲ್ಲಿ ತುಂಬಿವೆ. ಲಿಂಗಬೇಧ, ಜಾತಿಬೇಧ, ಮೂಢ ನಂಬಿಕೆ ಹಾಗೂ ಡಾಂಬಿಕತೆಯನ್ನು ವಚನಗಳ ಮೂಲಕ ತೋರಿಸಿ ಶಿವಭಕ್ತಿ ಪ್ರಯತ್ನಿಸಿದ್ದಾನೆ. ವಚನದ ಮಾರ್ಗಸ್ಥರು ಶಿವಶರಣರಲ್ಲಿ ದಾಸಿಮಯ್ಯ ಮೊದಲಿಗರು. ಕರಿಯಬಿಡೆತ್ತೂದೆ ಒಳ್ಳೆ ಹಿರಿಯತನ ಹಿರಿದಪ್ಪ ರಾಜ್ಯವನಿತ್ತಡೆ ಒಲ್ಲೆ ನಿಮ್ಮ ಶರಣರ ಸೂಳ್ನುಡಿಯ ಒಂದರಗಳಿಗೆ ಇತ್ತೊಡೆ ನಿಮ್ಮ ನಿತ್ಯಂತ ಕಾಣಾ ರಾಮನಾಥ.

ಲೆಕೆಯುವವರಿಗೆ ಹುಲುಸಾದವ್ವ ಆ ಭಕ್ತರ ಉಪಕಾರದಿಂದ ದೇವರ ದಾಸಿಮಯ್ಯನವರನ್ನು ಸ್ಮರಿಸಬೇಕು. ಅಂದು ಚೆಲುವ ದಾಸಿಮಯ್ಯನವರ ಮಡದಿ ದುಗ್ಗಳೆಯೂ ಶಿವಭಕ್ತೆಯಾಗಿದ್ದು, ಇಬ್ಬರೂ ಕಾಯಕದ ಜೊತೆಗೆ ಭಕ್ತಿಯ ಮಾರ್ಗದಲ್ಲಿ ನಡೆದು ಆದರ್ಶ ದಾಂಪತ್ಯಕ್ಕೆ ಮಾದರಿಯಾದರು. ದಾಸಿಮಯ್ಯನವರ ವಚನಗಳು ಇಂದಿಗೂ ಪ್ರಸ್ತುತವಾಗಿವೆ. ಏಪ್ರಿಲ್ 2 ರಂದು ದೇವರ ದಾಸಿಮಯ್ಯ ಜಯಂತಿ. ನೇಕಾರ ಸಮಾಜ ಇವರ ವಚನಗಳನ್ನು ಓದಿ ಅರ್ಥೈಸಿಕೊಂಡು ಬಾಳಿದರೆ ಸಾರ್ಥಕ. ಜೀವನದ ಸತ್ಯವನ್ನು ಅರಿತುಕೊಂಡ ದಾಸಿಮಯ್ಯ ಅಮರರಾಗಿದ್ದಾರೆ.

- ಬಿ.ಎಸ್. ಹಿಂಡಿ
ಗದಗ-ಬೆಟಗೇರಿ
